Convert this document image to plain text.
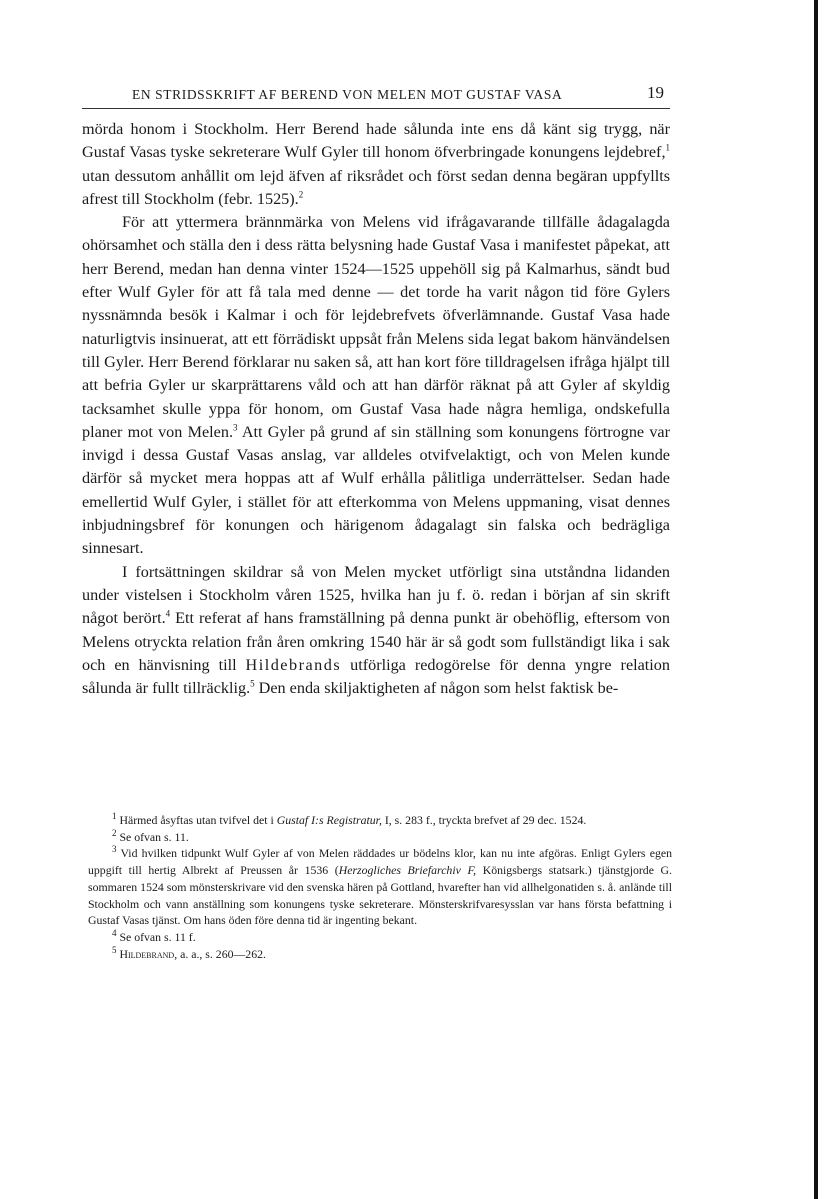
EN STRIDSSKRIFT AF BEREND VON MELEN MOT GUSTAF VASA	19

mörda honom i Stockholm. Herr Berend hade sålunda inte ens då känt sig trygg, när Gustaf Vasas tyske sekreterare Wulf Gyler till honom öfverbringade konungens lejdebref,$^1$ utan dessutom anhållit om lejd äfven af riksrådet och först sedan denna begäran uppfyllts afrest till Stockholm (febr. 1525).$^2$

För att yttermera brännmärka von Melens vid ifrågavarande tillfälle ådagalagda ohörsamhet och ställa den i dess rätta belysning hade Gustaf Vasa i manifestet påpekat, att herr Berend, medan han denna vinter 1524—1525 uppehöll sig på Kalmarhus, sändt bud efter Wulf Gyler för att få tala med denne — det torde ha varit någon tid före Gylers nyssnämnda besök i Kalmar i och för lejdebrefvets öfverlämnande. Gustaf Vasa hade naturligtvis insinuerat, att ett förrädiskt uppsåt från Melens sida legat bakom hänvändelsen till Gyler. Herr Berend förklarar nu saken så, att han kort före tilldragelsen ifråga hjälpt till att befria Gyler ur skarprättarens våld och att han därför räknat på att Gyler af skyldig tacksamhet skulle yppa för honom, om Gustaf Vasa hade några hemliga, ondskefulla planer mot von Melen.$^3$ Att Gyler på grund af sin ställning som konungens förtrogne var invigd i dessa Gustaf Vasas anslag, var alldeles otvifvelaktigt, och von Melen kunde därför så mycket mera hoppas att af Wulf erhålla pålitliga underrättelser. Sedan hade emellertid Wulf Gyler, i stället för att efterkomma von Melens uppmaning, visat dennes inbjudningsbref för konungen och härigenom ådagalagt sin falska och bedrägliga sinnesart.

I fortsättningen skildrar så von Melen mycket utförligt sina utståndna lidanden under vistelsen i Stockholm våren 1525, hvilka han ju f. ö. redan i början af sin skrift något berört.$^4$ Ett referat af hans framställning på denna punkt är obehöflig, eftersom von Melens otryckta relation från åren omkring 1540 här är så godt som fullständigt lika i sak och en hänvisning till Hildebrands utförliga redogörelse för denna yngre relation sålunda är fullt tillräcklig.$^5$ Den enda skiljaktigheten af någon som helst faktisk be-

$^1$ Härmed åsyftas utan tvifvel det i Gustaf I:s Registratur, I, s. 283 f., tryckta brefvet af 29 dec. 1524.

$^2$ Se ofvan s. 11.

$^3$ Vid hvilken tidpunkt Wulf Gyler af von Melen räddades ur bödelns klor, kan nu inte afgöras. Enligt Gylers egen uppgift till hertig Albrekt af Preussen år 1536 (Herzogliches Briefarchiv F, Königsbergs statsark.) tjänstgjorde G. sommaren 1524 som mönsterskrivare vid den svenska hären på Gottland, hvarefter han vid allhelgonatiden s. å. anlände till Stockholm och vann anställning som konungens tyske sekreterare. Mönsterskrifvaresysslan var hans första befattning i Gustaf Vasas tjänst. Om hans öden före denna tid är ingenting bekant.

$^4$ Se ofvan s. 11 f.

$^5$ Hildebrand, a. a., s. 260—262.
